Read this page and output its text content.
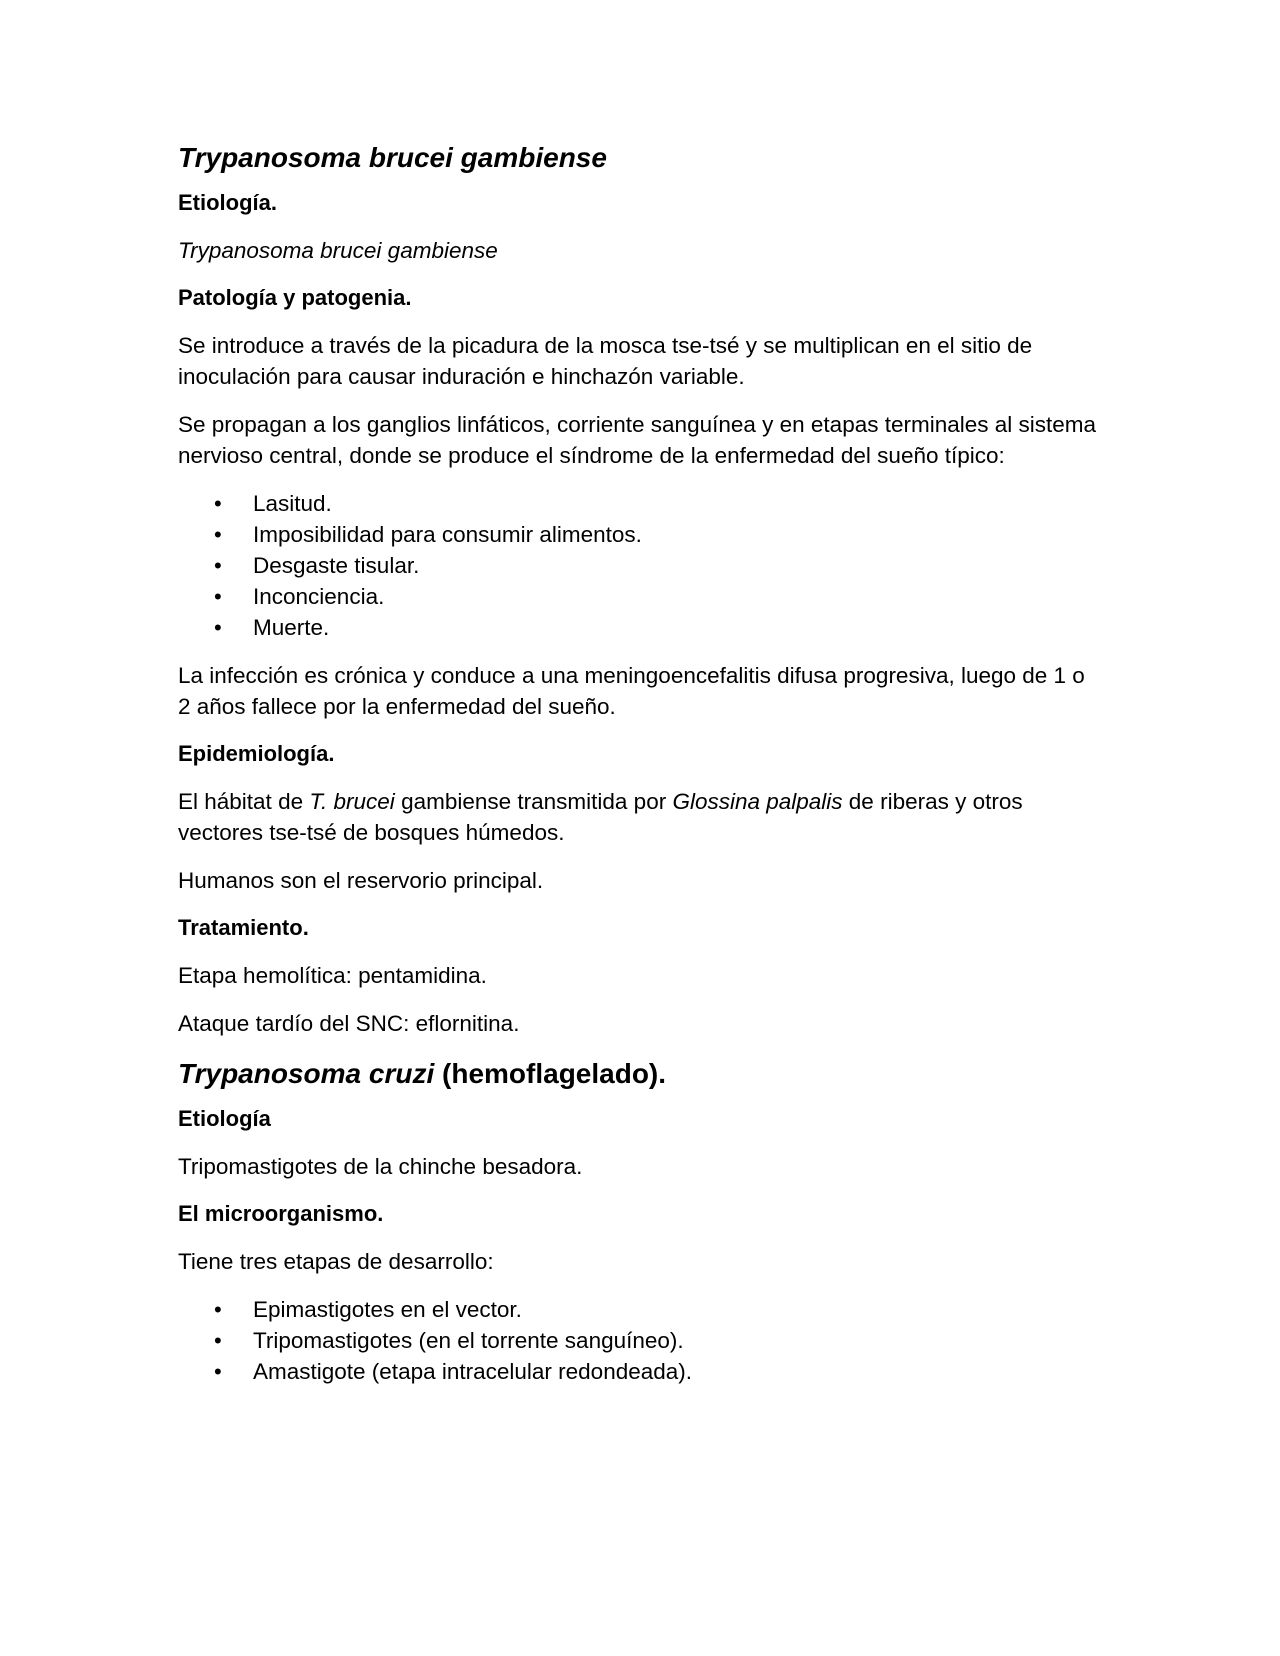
Trypanosoma brucei gambiense
Etiología.
Trypanosoma brucei gambiense
Patología y patogenia.
Se introduce a través de la picadura de la mosca tse-tsé y se multiplican en el sitio de inoculación para causar induración e hinchazón variable.
Se propagan a los ganglios linfáticos, corriente sanguínea y en etapas terminales al sistema nervioso central, donde se produce el síndrome de la enfermedad del sueño típico:
• Lasitud.
• Imposibilidad para consumir alimentos.
• Desgaste tisular.
• Inconciencia.
• Muerte.
La infección es crónica y conduce a una meningoencefalitis difusa progresiva, luego de 1 o 2 años fallece por la enfermedad del sueño.
Epidemiología.
El hábitat de T. brucei gambiense transmitida por Glossina palpalis de riberas y otros vectores tse-tsé de bosques húmedos.
Humanos son el reservorio principal.
Tratamiento.
Etapa hemolítica: pentamidina.
Ataque tardío del SNC: eflornitina.
Trypanosoma cruzi (hemoflagelado).
Etiología
Tripomastigotes de la chinche besadora.
El microorganismo.
Tiene tres etapas de desarrollo:
• Epimastigotes en el vector.
• Tripomastigotes (en el torrente sanguíneo).
• Amastigote (etapa intracelular redondeada).
